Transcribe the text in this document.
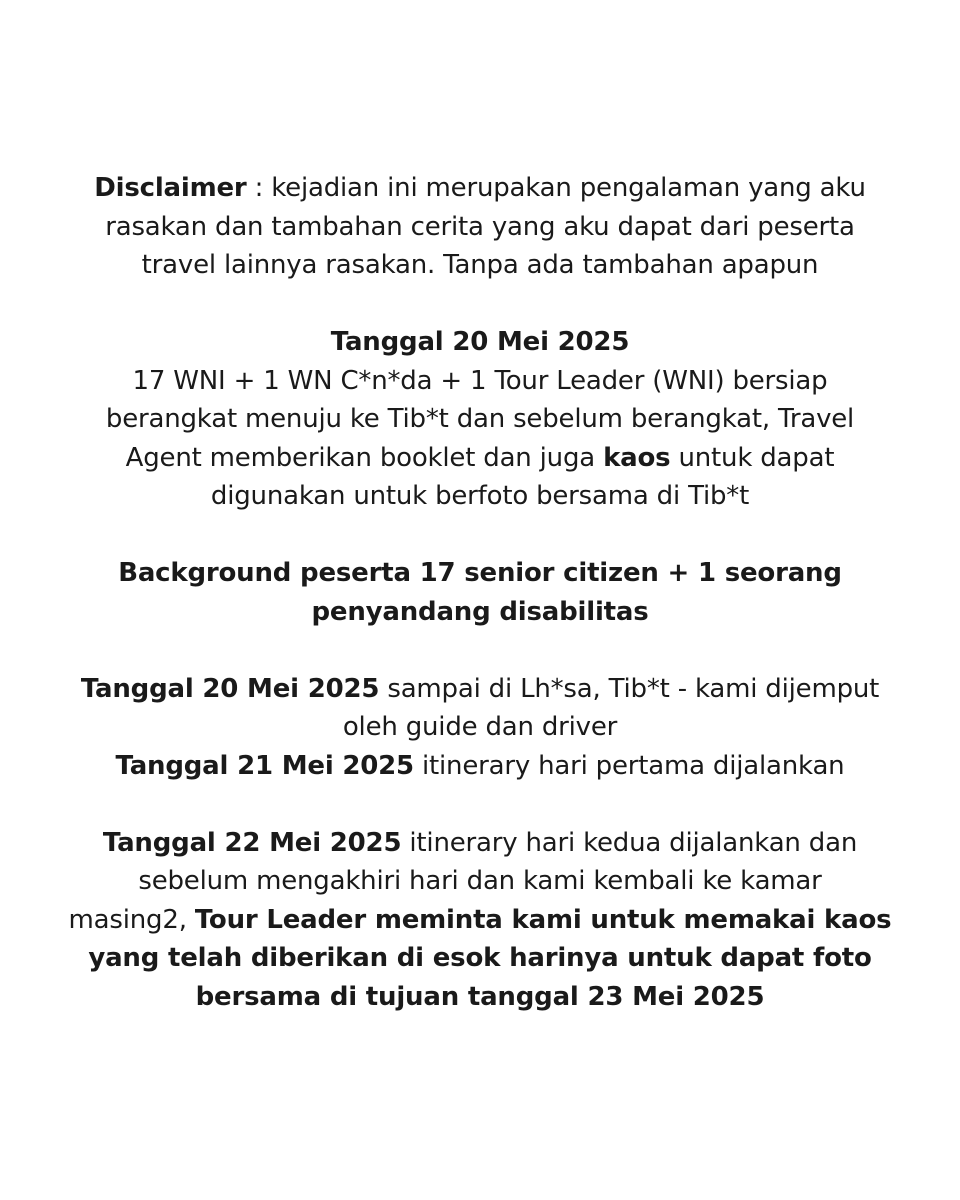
Disclaimer : kejadian ini merupakan pengalaman yang aku
rasakan dan tambahan cerita yang aku dapat dari peserta
travel lainnya rasakan. Tanpa ada tambahan apapun

Tanggal 20 Mei 2025
17 WNI + 1 WN C*n*da + 1 Tour Leader (WNI) bersiap
berangkat menuju ke Tib*t dan sebelum berangkat, Travel
Agent memberikan booklet dan juga kaos untuk dapat
digunakan untuk berfoto bersama di Tib*t

Background peserta 17 senior citizen + 1 seorang
penyandang disabilitas

Tanggal 20 Mei 2025 sampai di Lh*sa, Tib*t - kami dijemput
oleh guide dan driver
Tanggal 21 Mei 2025 itinerary hari pertama dijalankan

Tanggal 22 Mei 2025 itinerary hari kedua dijalankan dan
sebelum mengakhiri hari dan kami kembali ke kamar
masing2, Tour Leader meminta kami untuk memakai kaos
yang telah diberikan di esok harinya untuk dapat foto
bersama di tujuan tanggal 23 Mei 2025
